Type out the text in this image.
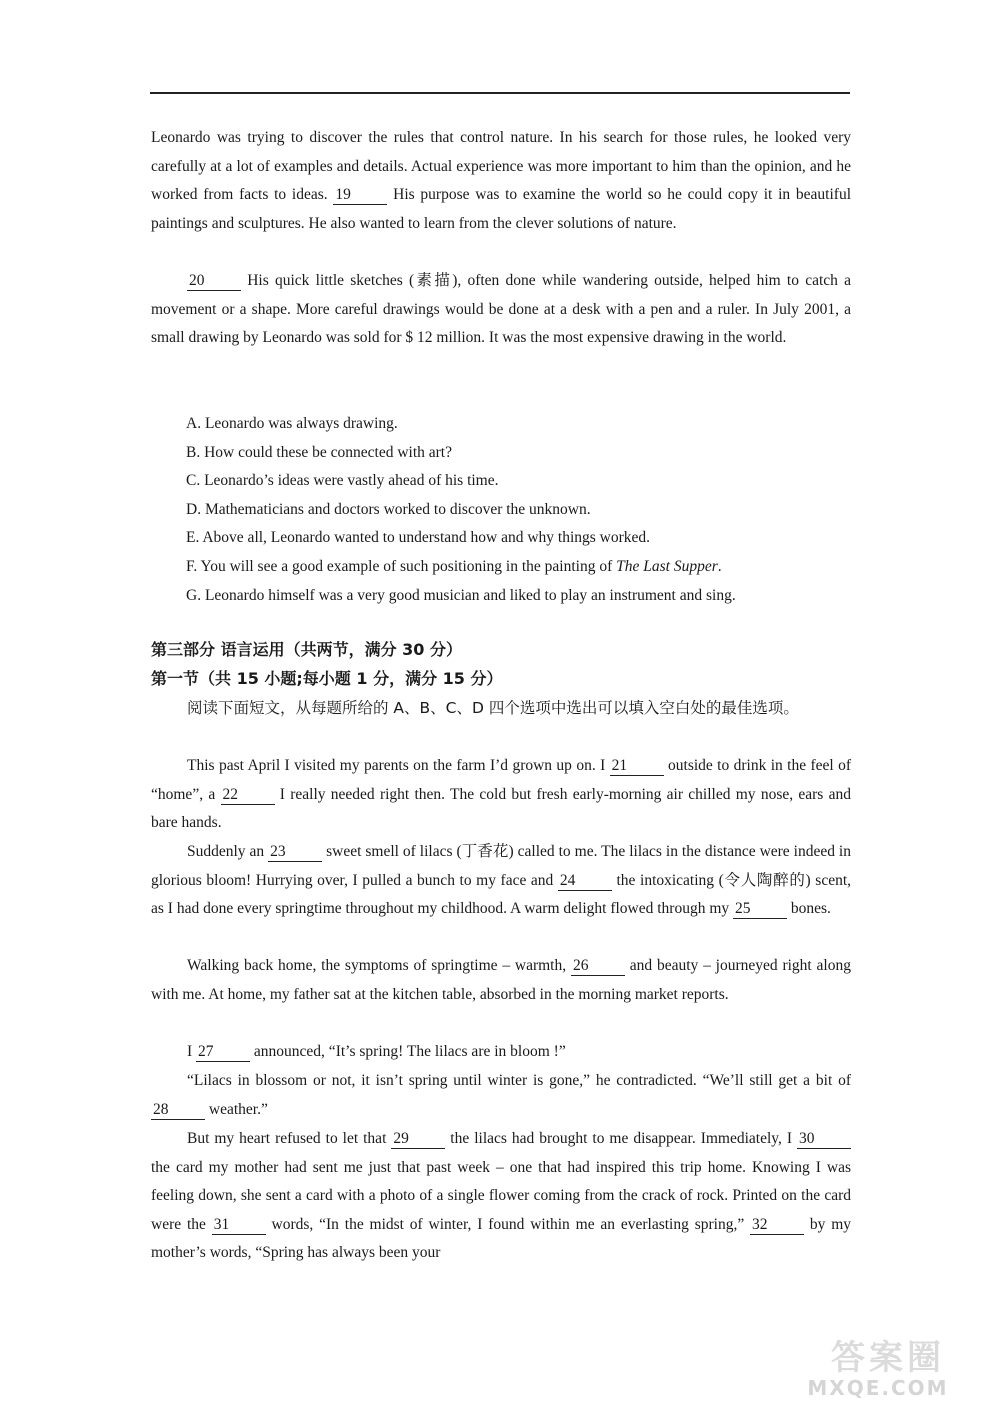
Leonardo was trying to discover the rules that control nature. In his search for those rules, he looked very carefully at a lot of examples and details. Actual experience was more important to him than the opinion, and he worked from facts to ideas. 19 His purpose was to examine the world so he could copy it in beautiful paintings and sculptures. He also wanted to learn from the clever solutions of nature.

20 His quick little sketches (素描), often done while wandering outside, helped him to catch a movement or a shape. More careful drawings would be done at a desk with a pen and a ruler. In July 2001, a small drawing by Leonardo was sold for $ 12 million. It was the most expensive drawing in the world.

A. Leonardo was always drawing.
B. How could these be connected with art?
C. Leonardo’s ideas were vastly ahead of his time.
D. Mathematicians and doctors worked to discover the unknown.
E. Above all, Leonardo wanted to understand how and why things worked.
F. You will see a good example of such positioning in the painting of The Last Supper.
G. Leonardo himself was a very good musician and liked to play an instrument and sing.

第三部分 语言运用（共两节，满分 30 分）

第一节（共 15 小题;每小题 1 分，满分 15 分）

阅读下面短文，从每题所给的 A、B、C、D 四个选项中选出可以填入空白处的最佳选项。

This past April I visited my parents on the farm I’d grown up on. I 21 outside to drink in the feel of “home”, a 22 I really needed right then. The cold but fresh early-morning air chilled my nose, ears and bare hands.

Suddenly an 23 sweet smell of lilacs (丁香花) called to me. The lilacs in the distance were indeed in glorious bloom! Hurrying over, I pulled a bunch to my face and 24 the intoxicating (令人陶醉的) scent, as I had done every springtime throughout my childhood. A warm delight flowed through my 25 bones.

Walking back home, the symptoms of springtime – warmth, 26 and beauty – journeyed right along with me. At home, my father sat at the kitchen table, absorbed in the morning market reports.

I 27 announced, “It’s spring! The lilacs are in bloom !”

“Lilacs in blossom or not, it isn’t spring until winter is gone,” he contradicted. “We’ll still get a bit of 28 weather.”

But my heart refused to let that 29 the lilacs had brought to me disappear. Immediately, I 30 the card my mother had sent me just that past week – one that had inspired this trip home. Knowing I was feeling down, she sent a card with a photo of a single flower coming from the crack of rock. Printed on the card were the 31 words, “In the midst of winter, I found within me an everlasting spring,” 32 by my mother’s words, “Spring has always been your

答案圈
MXQE.COM
